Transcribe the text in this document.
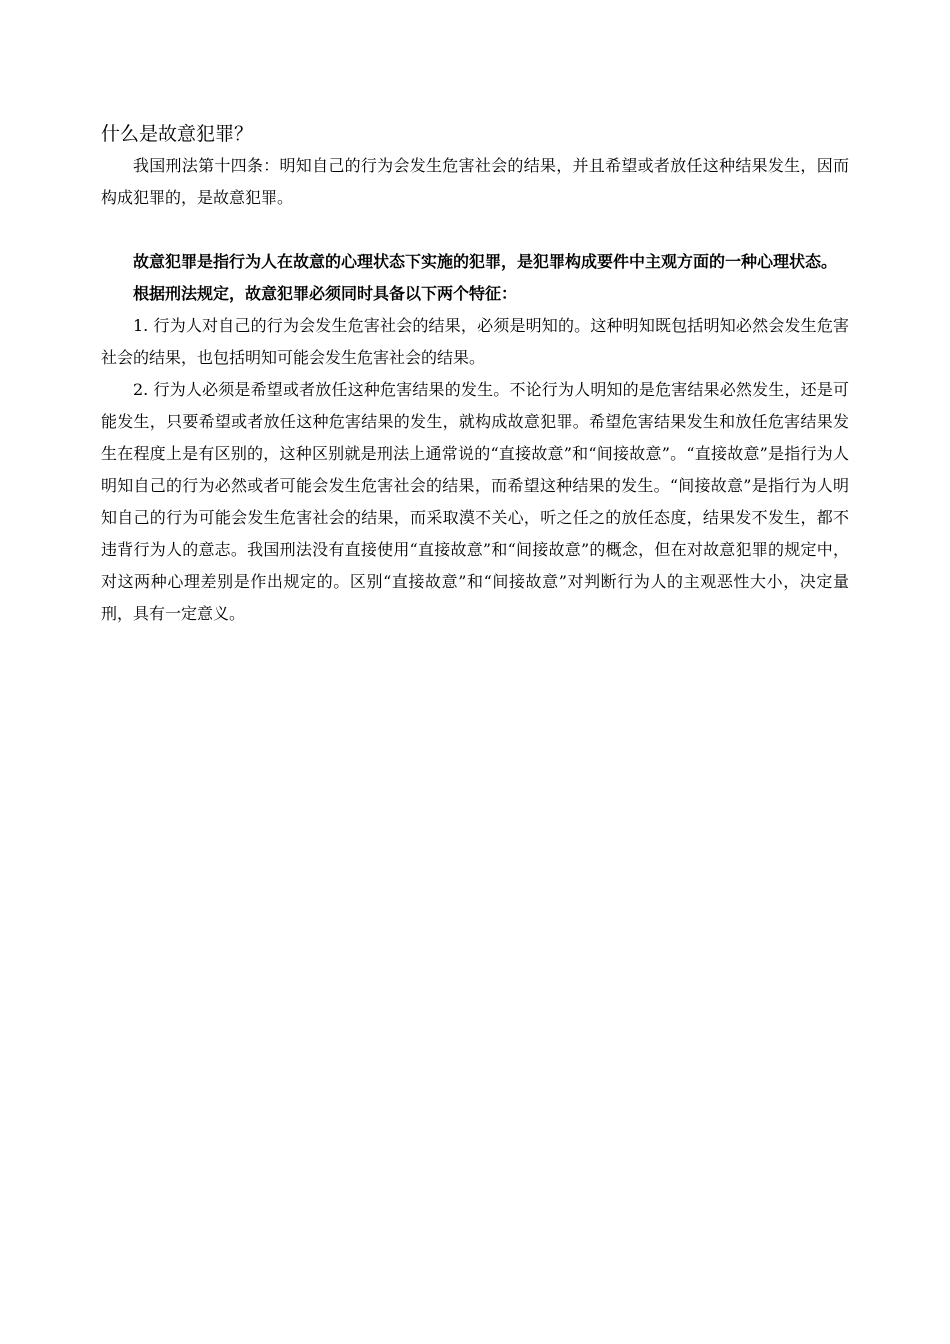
什么是故意犯罪？

我国刑法第十四条：明知自己的行为会发生危害社会的结果，并且希望或者放任这种结果发生，因而构成犯罪的，是故意犯罪。

故意犯罪是指行为人在故意的心理状态下实施的犯罪，是犯罪构成要件中主观方面的一种心理状态。

根据刑法规定，故意犯罪必须同时具备以下两个特征：

1. 行为人对自己的行为会发生危害社会的结果，必须是明知的。这种明知既包括明知必然会发生危害社会的结果，也包括明知可能会发生危害社会的结果。

2. 行为人必须是希望或者放任这种危害结果的发生。不论行为人明知的是危害结果必然发生，还是可能发生，只要希望或者放任这种危害结果的发生，就构成故意犯罪。希望危害结果发生和放任危害结果发生在程度上是有区别的，这种区别就是刑法上通常说的“直接故意”和“间接故意”。“直接故意”是指行为人明知自己的行为必然或者可能会发生危害社会的结果，而希望这种结果的发生。“间接故意”是指行为人明知自己的行为可能会发生危害社会的结果，而采取漠不关心，听之任之的放任态度，结果发不发生，都不违背行为人的意志。我国刑法没有直接使用“直接故意”和“间接故意”的概念，但在对故意犯罪的规定中，对这两种心理差别是作出规定的。区别“直接故意”和“间接故意”对判断行为人的主观恶性大小，决定量刑，具有一定意义。
